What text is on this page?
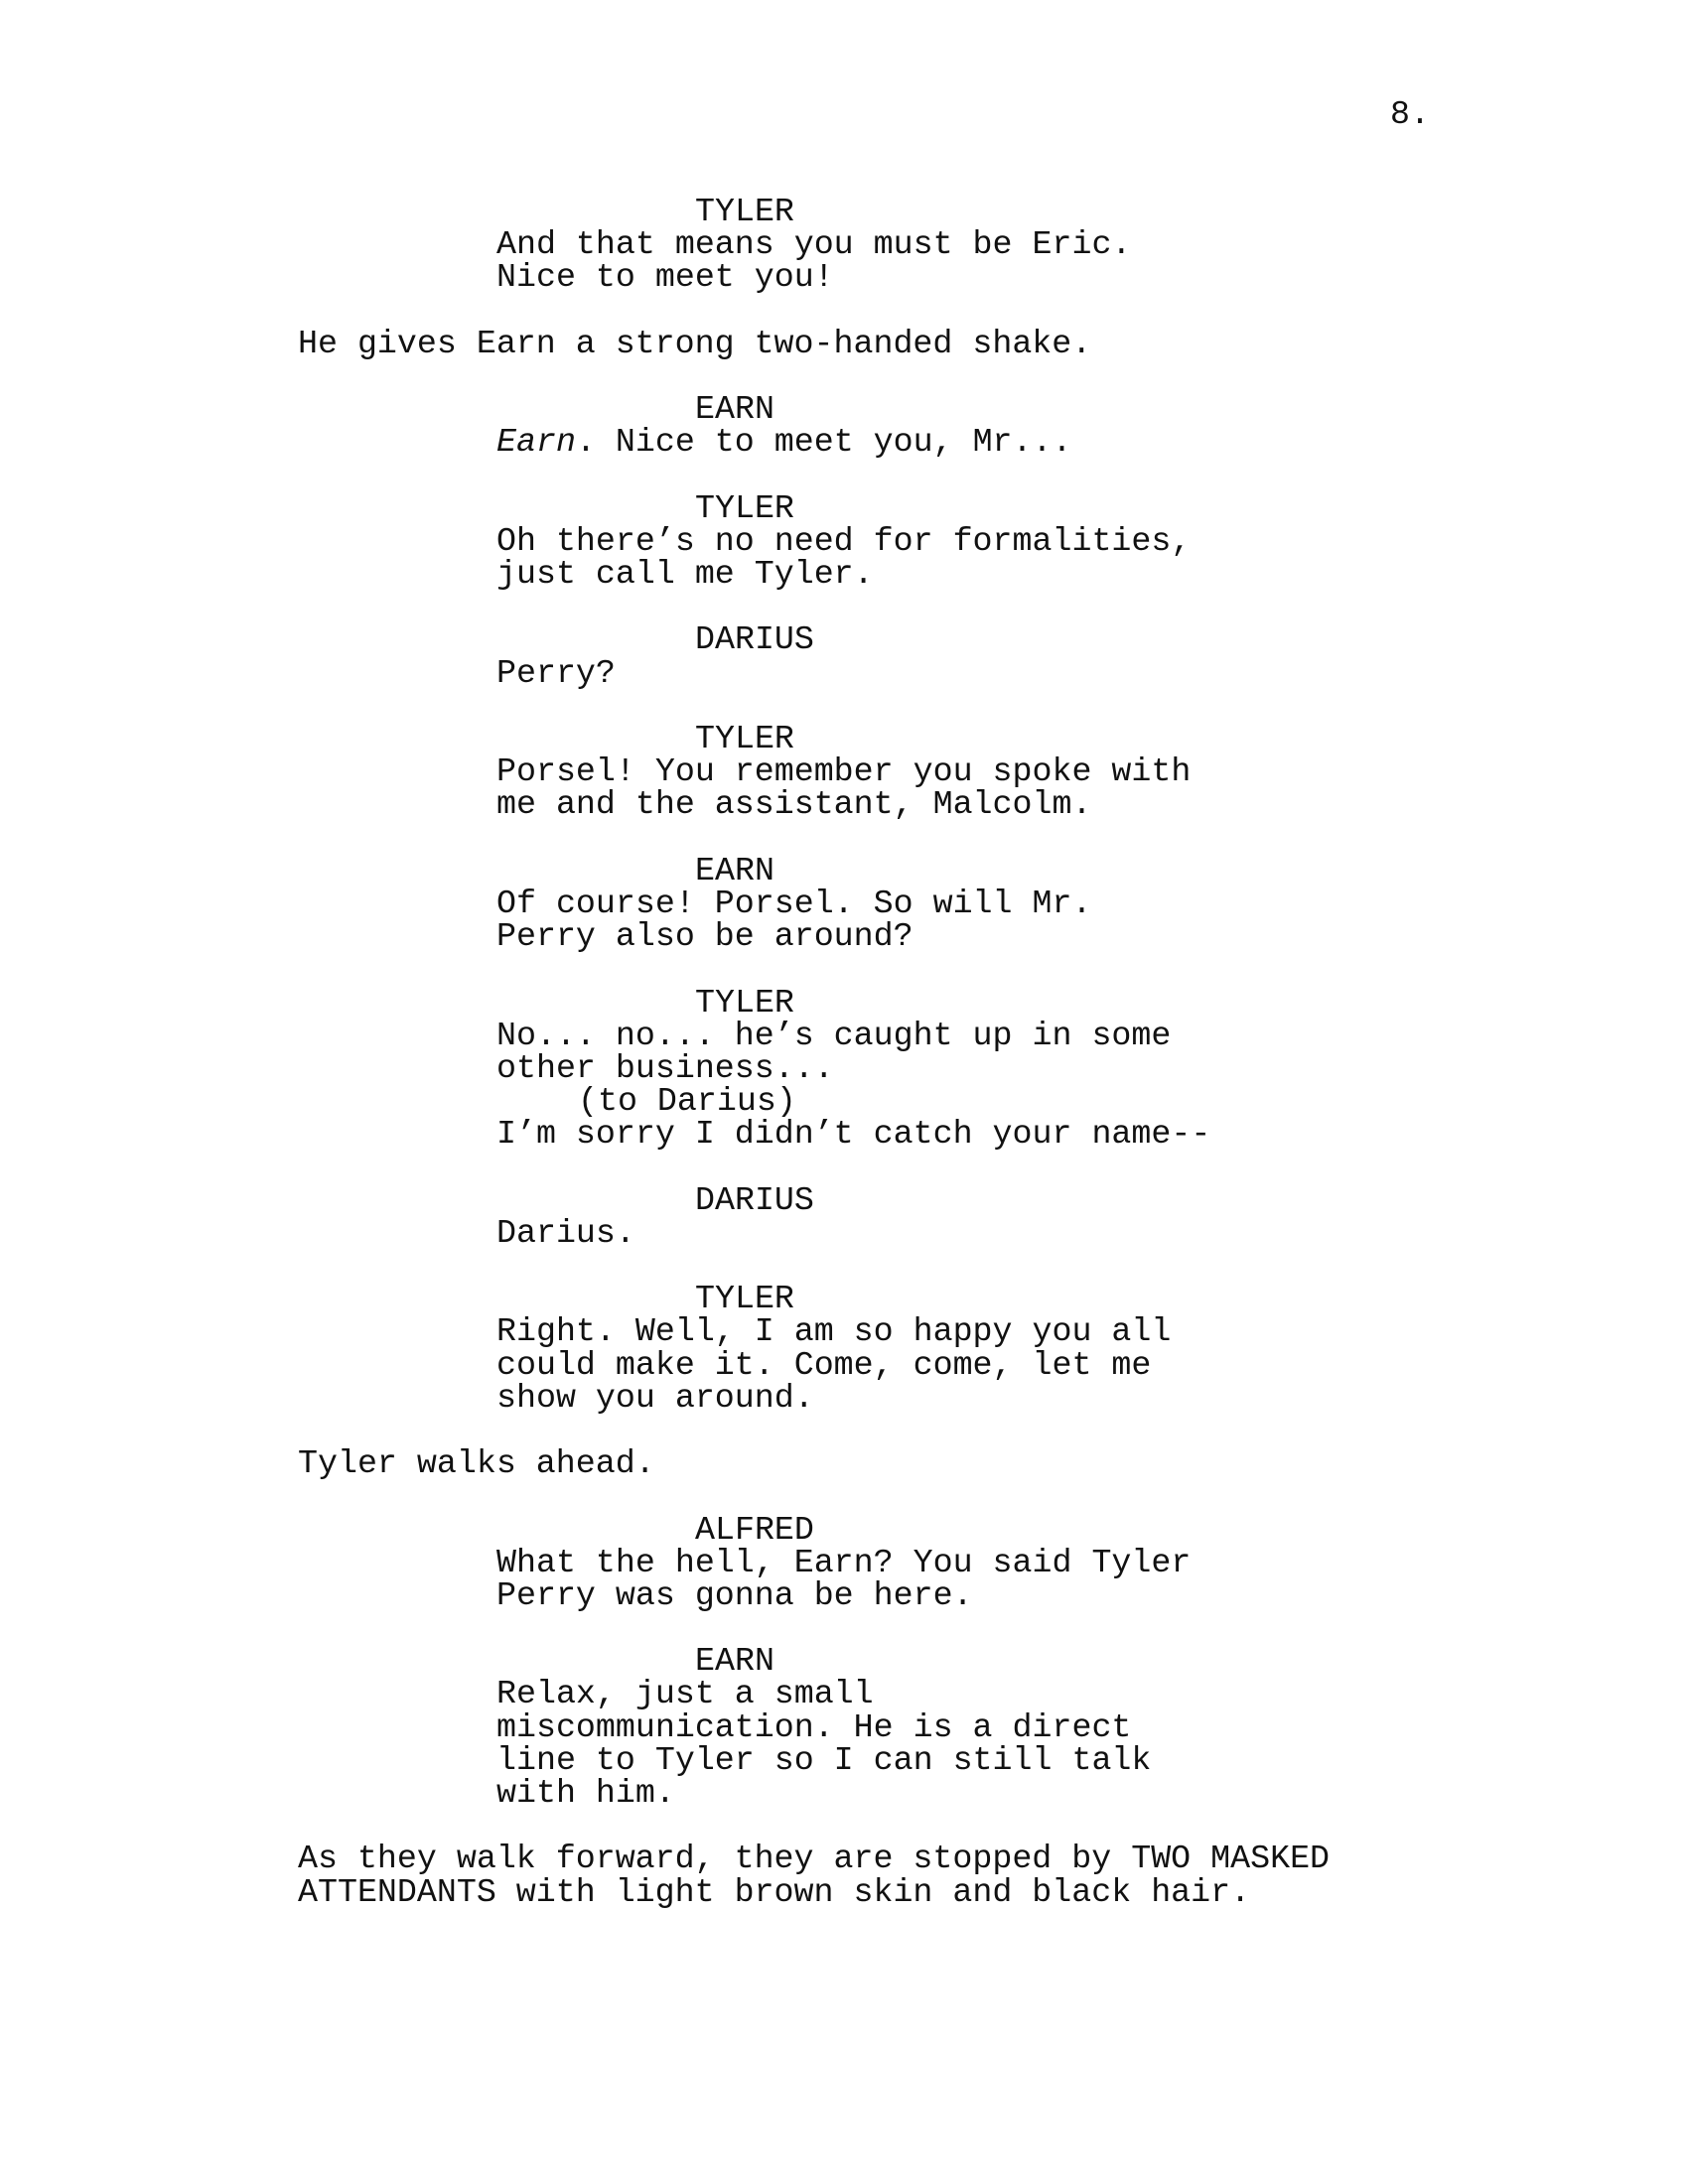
8.
TYLER
And that means you must be Eric.
Nice to meet you!
He gives Earn a strong two-handed shake.
EARN
Earn. Nice to meet you, Mr...
TYLER
Oh there’s no need for formalities,
just call me Tyler.
DARIUS
Perry?
TYLER
Porsel! You remember you spoke with
me and the assistant, Malcolm.
EARN
Of course! Porsel. So will Mr.
Perry also be around?
TYLER
No... no... he’s caught up in some
other business...
(to Darius)
I’m sorry I didn’t catch your name--
DARIUS
Darius.
TYLER
Right. Well, I am so happy you all
could make it. Come, come, let me
show you around.
Tyler walks ahead.
ALFRED
What the hell, Earn? You said Tyler
Perry was gonna be here.
EARN
Relax, just a small
miscommunication. He is a direct
line to Tyler so I can still talk
with him.
As they walk forward, they are stopped by TWO MASKED
ATTENDANTS with light brown skin and black hair.
